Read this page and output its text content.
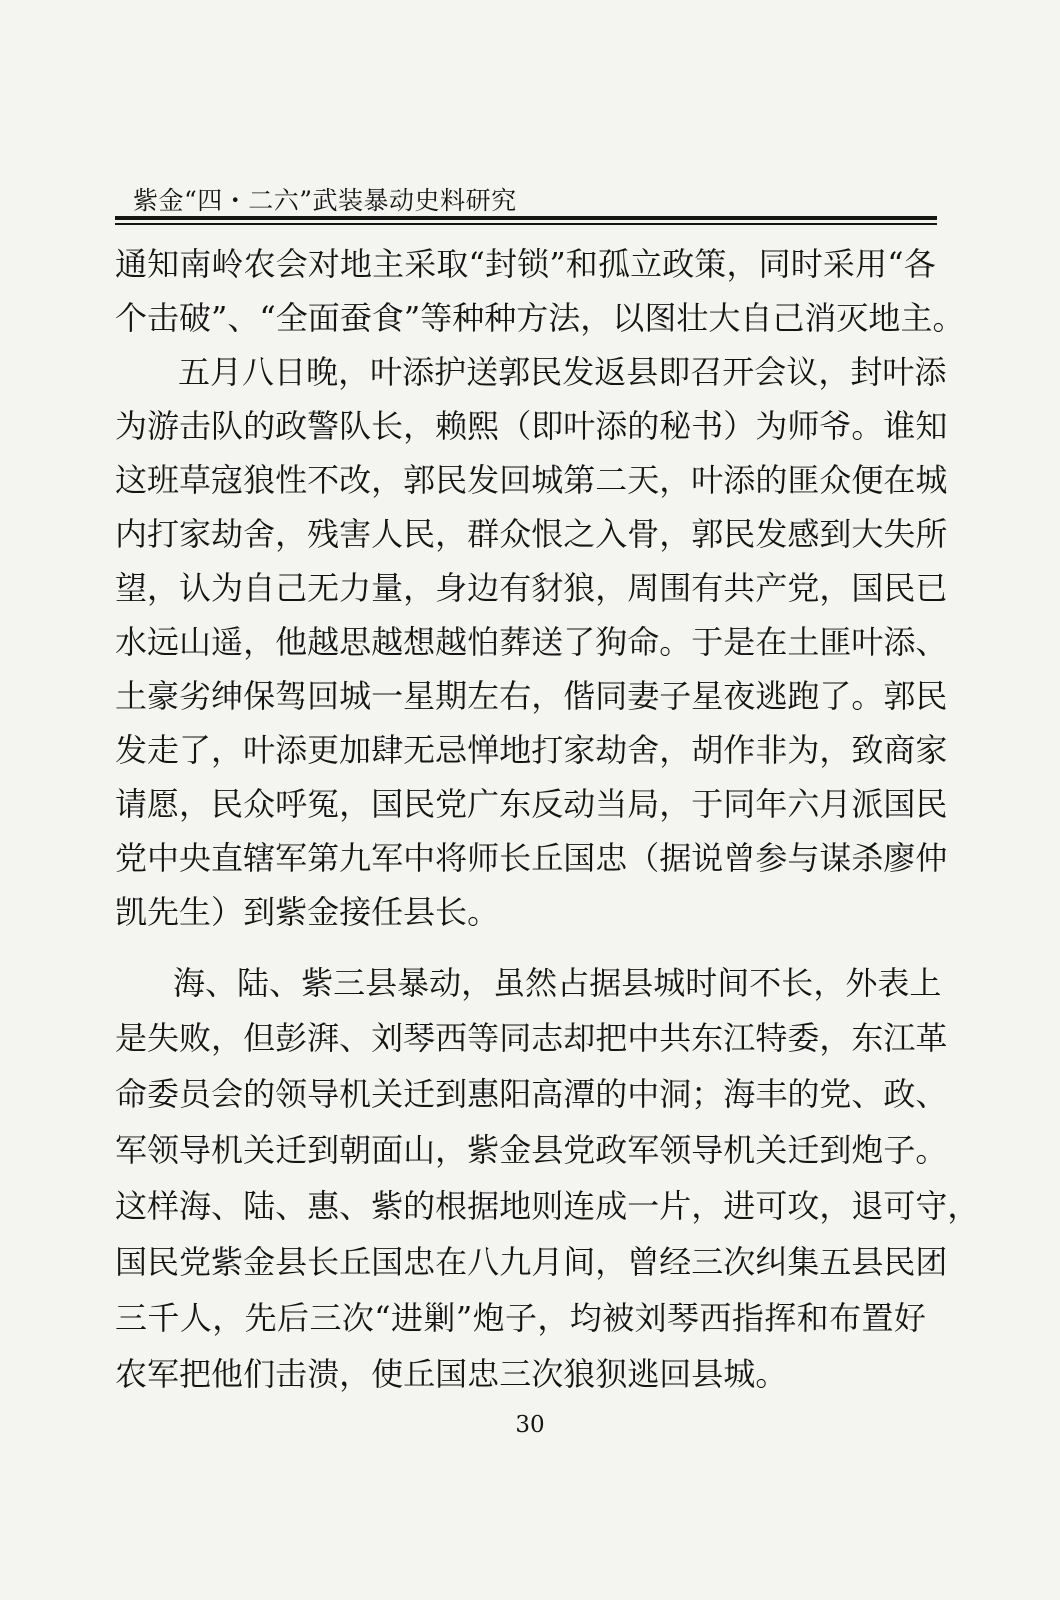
紫金“四・二六”武装暴动史料研究
通 知 南 岭 农 会 对 地 主 采 取 “ 封 锁 ” 和 孤 立 政 策 ， 同 时 采 用 “ 各
个 击 破 ” 、 “ 全 面 蚕 食 ” 等 种 种 方 法 ， 以 图 壮 大 自 己 消 灭 地 主 。
五 月 八 日 晚 ， 叶 添 护 送 郭 民 发 返 县 即 召 开 会 议 ， 封 叶 添
为 游 击 队 的 政 警 队 长 ， 赖 熙 （ 即 叶 添 的 秘 书 ） 为 师 爷 。 谁 知
这 班 草 寇 狼 性 不 改 ， 郭 民 发 回 城 第 二 天 ， 叶 添 的 匪 众 便 在 城
内 打 家 劫 舍 ， 残 害 人 民 ， 群 众 恨 之 入 骨 ， 郭 民 发 感 到 大 失 所
望 ， 认 为 自 己 无 力 量 ， 身 边 有 豺 狼 ， 周 围 有 共 产 党 ， 国 民 已
水 远 山 遥 ， 他 越 思 越 想 越 怕 葬 送 了 狗 命 。 于 是 在 土 匪 叶 添 、
土 豪 劣 绅 保 驾 回 城 一 星 期 左 右 ， 偕 同 妻 子 星 夜 逃 跑 了 。 郭 民
发 走 了 ， 叶 添 更 加 肆 无 忌 惮 地 打 家 劫 舍 ， 胡 作 非 为 ， 致 商 家
请 愿 ， 民 众 呼 冤 ， 国 民 党 广 东 反 动 当 局 ， 于 同 年 六 月 派 国 民
党 中 央 直 辖 军 第 九 军 中 将 师 长 丘 国 忠 （ 据 说 曾 参 与 谋 杀 廖 仲
凯 先 生 ） 到 紫 金 接 任 县 长 。
海 、 陆 、 紫 三 县 暴 动 ， 虽 然 占 据 县 城 时 间 不 长 ， 外 表 上
是 失 败 ， 但 彭 湃 、 刘 琴 西 等 同 志 却 把 中 共 东 江 特 委 ， 东 江 革
命 委 员 会 的 领 导 机 关 迁 到 惠 阳 高 潭 的 中 洞 ； 海 丰 的 党 、 政 、
军 领 导 机 关 迁 到 朝 面 山 ， 紫 金 县 党 政 军 领 导 机 关 迁 到 炮 子 。
这 样 海 、 陆 、 惠 、 紫 的 根 据 地 则 连 成 一 片 ， 进 可 攻 ， 退 可 守 ，
国 民 党 紫 金 县 长 丘 国 忠 在 八 九 月 间 ， 曾 经 三 次 纠 集 五 县 民 团
三 千 人 ， 先 后 三 次 “ 进 剿 ” 炮 子 ， 均 被 刘 琴 西 指 挥 和 布 置 好
农 军 把 他 们 击 溃 ， 使 丘 国 忠 三 次 狼 狈 逃 回 县 城 。
30
